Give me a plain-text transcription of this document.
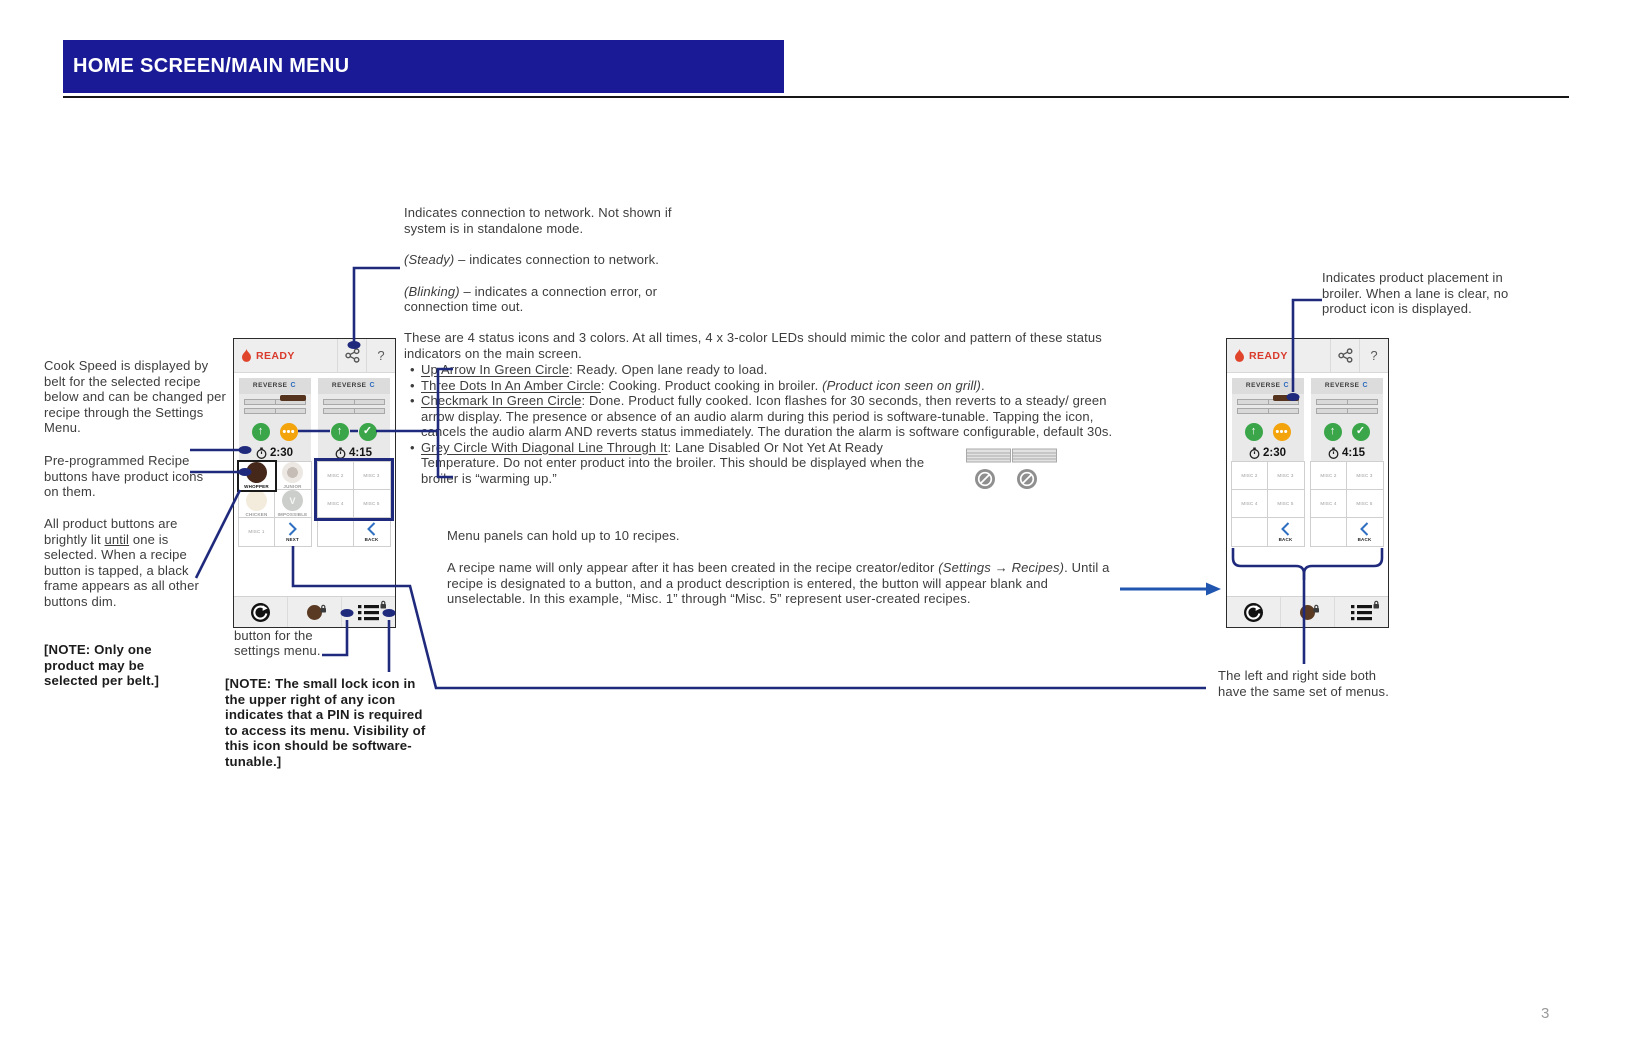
HOME SCREEN/MAIN MENU
Indicates connection to network. Not shown if system is in standalone mode.
(Steady) – indicates connection to network.
(Blinking) – indicates a connection error, or connection time out.
These are 4 status icons and 3 colors. At all times, 4 x 3-color LEDs should mimic the color and pattern of these status indicators on the main screen.
• Up Arrow In Green Circle: Ready. Open lane ready to load.
• Three Dots In An Amber Circle: Cooking. Product cooking in broiler. (Product icon seen on grill).
• Checkmark In Green Circle: Done. Product fully cooked. Icon flashes for 30 seconds, then reverts to a steady/ green arrow display. The presence or absence of an audio alarm during this period is software-tunable. Tapping the icon, cancels the audio alarm AND reverts status immediately. The duration the alarm is software configurable, default 30s.
• Grey Circle With Diagonal Line Through It: Lane Disabled Or Not Yet At Ready Temperature. Do not enter product into the broiler. This should be displayed when the broiler is “warming up.”
Menu panels can hold up to 10 recipes.
A recipe name will only appear after it has been created in the recipe creator/editor (Settings → Recipes). Until a recipe is designated to a button, and a product description is entered, the button will appear blank and unselectable. In this example, “Misc. 1” through “Misc. 5” represent user-created recipes.
Cook Speed is displayed by belt for the selected recipe below and can be changed per recipe through the Settings Menu.
Pre-programmed Recipe buttons have product icons on them.
All product buttons are brightly lit until one is selected. When a recipe button is tapped, a black frame appears as all other buttons dim.
[NOTE: Only one product may be selected per belt.]
button for the settings menu.
[NOTE: The small lock icon in the upper right of any icon indicates that a PIN is required to access its menu. Visibility of this icon should be software-tunable.]
Indicates product placement in broiler. When a lane is clear, no product icon is displayed.
The left and right side both have the same set of menus.
3
READY	?
REVERSE C
↑
2:30
WHOPPER	JUNIOR
CHICKEN
V IMPOSSIBLE
MISC 1
NEXT
REVERSE C
↑ ✓
4:15
MISC 2	MISC 3
MISC 4	MISC 5
BACK
READY	?
REVERSE C
↑
2:30
MISC 2	MISC 3
MISC 4	MISC 5
BACK
REVERSE C
↑ ✓
4:15
MISC 2	MISC 3
MISC 4	MISC 5
BACK
